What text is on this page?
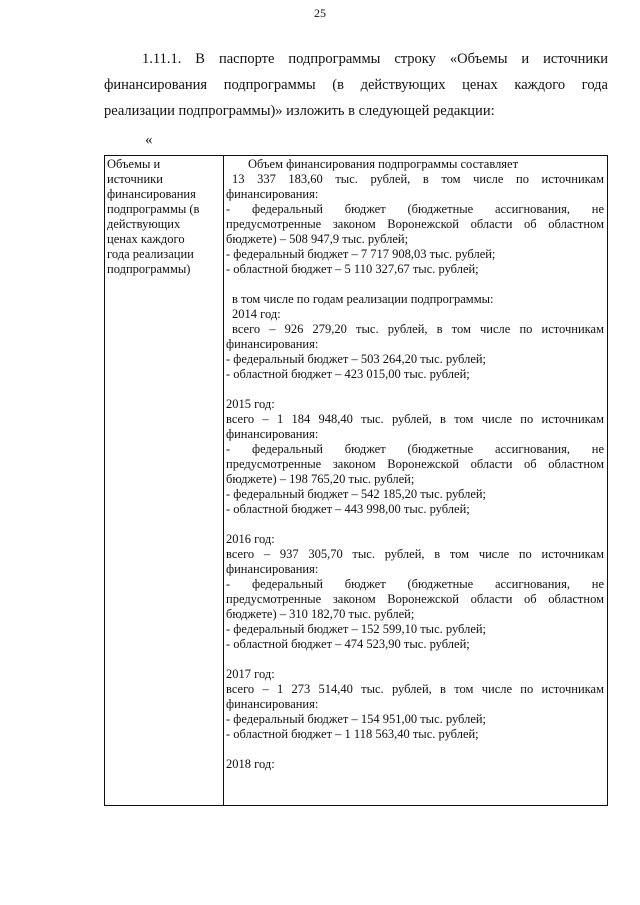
25
1.11.1. В паспорте подпрограммы строку «Объемы и источники
финансирования подпрограммы (в действующих ценах каждого года
реализации подпрограммы)» изложить в следующей редакции:
«
Объемы и
источники
финансирования
подпрограммы (в
действующих
ценах каждого
года реализации
подпрограммы)

Объем финансирования подпрограммы составляет
13 337 183,60 тыс. рублей, в том числе по источникам
финансирования:
- федеральный бюджет (бюджетные ассигнования, не
предусмотренные законом Воронежской области об областном
бюджете) – 508 947,9 тыс. рублей;
- федеральный бюджет – 7 717 908,03 тыс. рублей;
- областной бюджет – 5 110 327,67 тыс. рублей;
в том числе по годам реализации подпрограммы:
2014 год:
всего – 926 279,20 тыс. рублей, в том числе по источникам
финансирования:
- федеральный бюджет – 503 264,20 тыс. рублей;
- областной бюджет – 423 015,00 тыс. рублей;
2015 год:
всего – 1 184 948,40 тыс. рублей, в том числе по источникам
финансирования:
- федеральный бюджет (бюджетные ассигнования, не
предусмотренные законом Воронежской области об областном
бюджете) – 198 765,20 тыс. рублей;
- федеральный бюджет – 542 185,20 тыс. рублей;
- областной бюджет – 443 998,00 тыс. рублей;
2016 год:
всего – 937 305,70 тыс. рублей, в том числе по источникам
финансирования:
- федеральный бюджет (бюджетные ассигнования, не
предусмотренные законом Воронежской области об областном
бюджете) – 310 182,70 тыс. рублей;
- федеральный бюджет – 152 599,10 тыс. рублей;
- областной бюджет – 474 523,90 тыс. рублей;
2017 год:
всего – 1 273 514,40 тыс. рублей, в том числе по источникам
финансирования:
- федеральный бюджет – 154 951,00 тыс. рублей;
- областной бюджет – 1 118 563,40 тыс. рублей;
2018 год:
